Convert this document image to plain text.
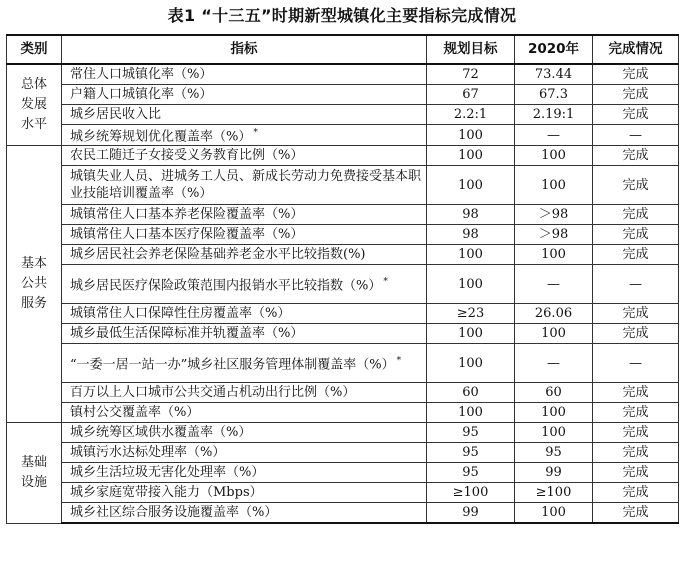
表1 “十三五”时期新型城镇化主要指标完成情况
类别	指标	规划目标	2020年	完成情况
总体
发展
水平	常住人口城镇化率（%）	72	73.44	完成
	户籍人口城镇化率（%）	67	67.3	完成
	城乡居民收入比	2.2:1	2.19:1	完成
	城乡统筹规划优化覆盖率（%） *	100	—	—
基本
公共
服务	农民工随迁子女接受义务教育比例（%）	100	100	完成
	城镇失业人员、进城务工人员、新成长劳动力免费接受基本职业技能培训覆盖率（%）	100	100	完成
	城镇常住人口基本养老保险覆盖率（%）	98	＞98	完成
	城镇常住人口基本医疗保险覆盖率（%）	98	＞98	完成
	城乡居民社会养老保险基础养老金水平比较指数(%)	100	100	完成
	城乡居民医疗保险政策范围内报销水平比较指数（%） *	100	—	—
	城镇常住人口保障性住房覆盖率（%）	≥23	26.06	完成
	城乡最低生活保障标准并轨覆盖率（%）	100	100	完成
	“一委一居一站一办”城乡社区服务管理体制覆盖率（%） *	100	—	—
	百万以上人口城市公共交通占机动出行比例（%）	60	60	完成
	镇村公交覆盖率（%）	100	100	完成
基础
设施	城乡统筹区域供水覆盖率（%）	95	100	完成
	城镇污水达标处理率（%）	95	95	完成
	城乡生活垃圾无害化处理率（%）	95	99	完成
	城乡家庭宽带接入能力（Mbps）	≥100	≥100	完成
	城乡社区综合服务设施覆盖率（%）	99	100	完成
